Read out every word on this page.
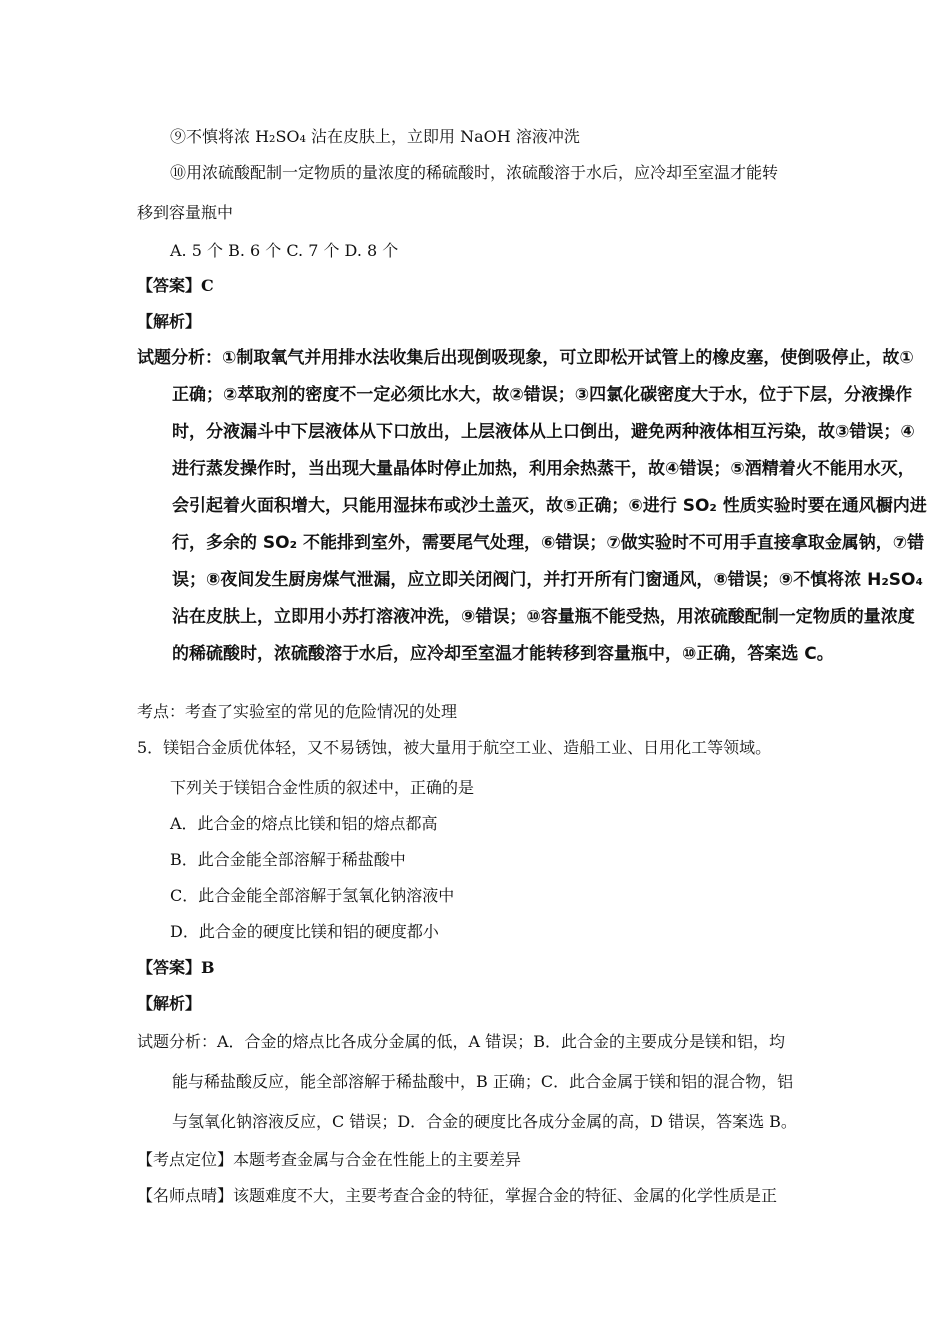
⑨不慎将浓 H₂SO₄ 沾在皮肤上，立即用 NaOH 溶液冲洗
⑩用浓硫酸配制一定物质的量浓度的稀硫酸时，浓硫酸溶于水后，应冷却至室温才能转
移到容量瓶中
A. 5 个 B. 6 个 C. 7 个 D. 8 个
【答案】C
【解析】
试题分析：①制取氧气并用排水法收集后出现倒吸现象，可立即松开试管上的橡皮塞，使倒吸停止，故①
正确；②萃取剂的密度不一定必须比水大，故②错误；③四氯化碳密度大于水，位于下层，分液操作
时，分液漏斗中下层液体从下口放出，上层液体从上口倒出，避免两种液体相互污染，故③错误；④
进行蒸发操作时，当出现大量晶体时停止加热，利用余热蒸干，故④错误；⑤酒精着火不能用水灭，
会引起着火面积增大，只能用湿抹布或沙土盖灭，故⑤正确；⑥进行 SO₂ 性质实验时要在通风橱内进
行，多余的 SO₂ 不能排到室外，需要尾气处理，⑥错误；⑦做实验时不可用手直接拿取金属钠，⑦错
误；⑧夜间发生厨房煤气泄漏，应立即关闭阀门，并打开所有门窗通风，⑧错误；⑨不慎将浓 H₂SO₄
沾在皮肤上，立即用小苏打溶液冲洗，⑨错误；⑩容量瓶不能受热，用浓硫酸配制一定物质的量浓度
的稀硫酸时，浓硫酸溶于水后，应冷却至室温才能转移到容量瓶中，⑩正确，答案选 C。
考点：考查了实验室的常见的危险情况的处理
5．镁铝合金质优体轻，又不易锈蚀，被大量用于航空工业、造船工业、日用化工等领域。
下列关于镁铝合金性质的叙述中，正确的是
A．此合金的熔点比镁和铝的熔点都高
B．此合金能全部溶解于稀盐酸中
C．此合金能全部溶解于氢氧化钠溶液中
D．此合金的硬度比镁和铝的硬度都小
【答案】B
【解析】
试题分析：A．合金的熔点比各成分金属的低，A 错误；B．此合金的主要成分是镁和铝，均
能与稀盐酸反应，能全部溶解于稀盐酸中，B 正确；C．此合金属于镁和铝的混合物，铝
与氢氧化钠溶液反应，C 错误；D．合金的硬度比各成分金属的高，D 错误，答案选 B。
【考点定位】本题考查金属与合金在性能上的主要差异
【名师点晴】该题难度不大，主要考查合金的特征，掌握合金的特征、金属的化学性质是正
